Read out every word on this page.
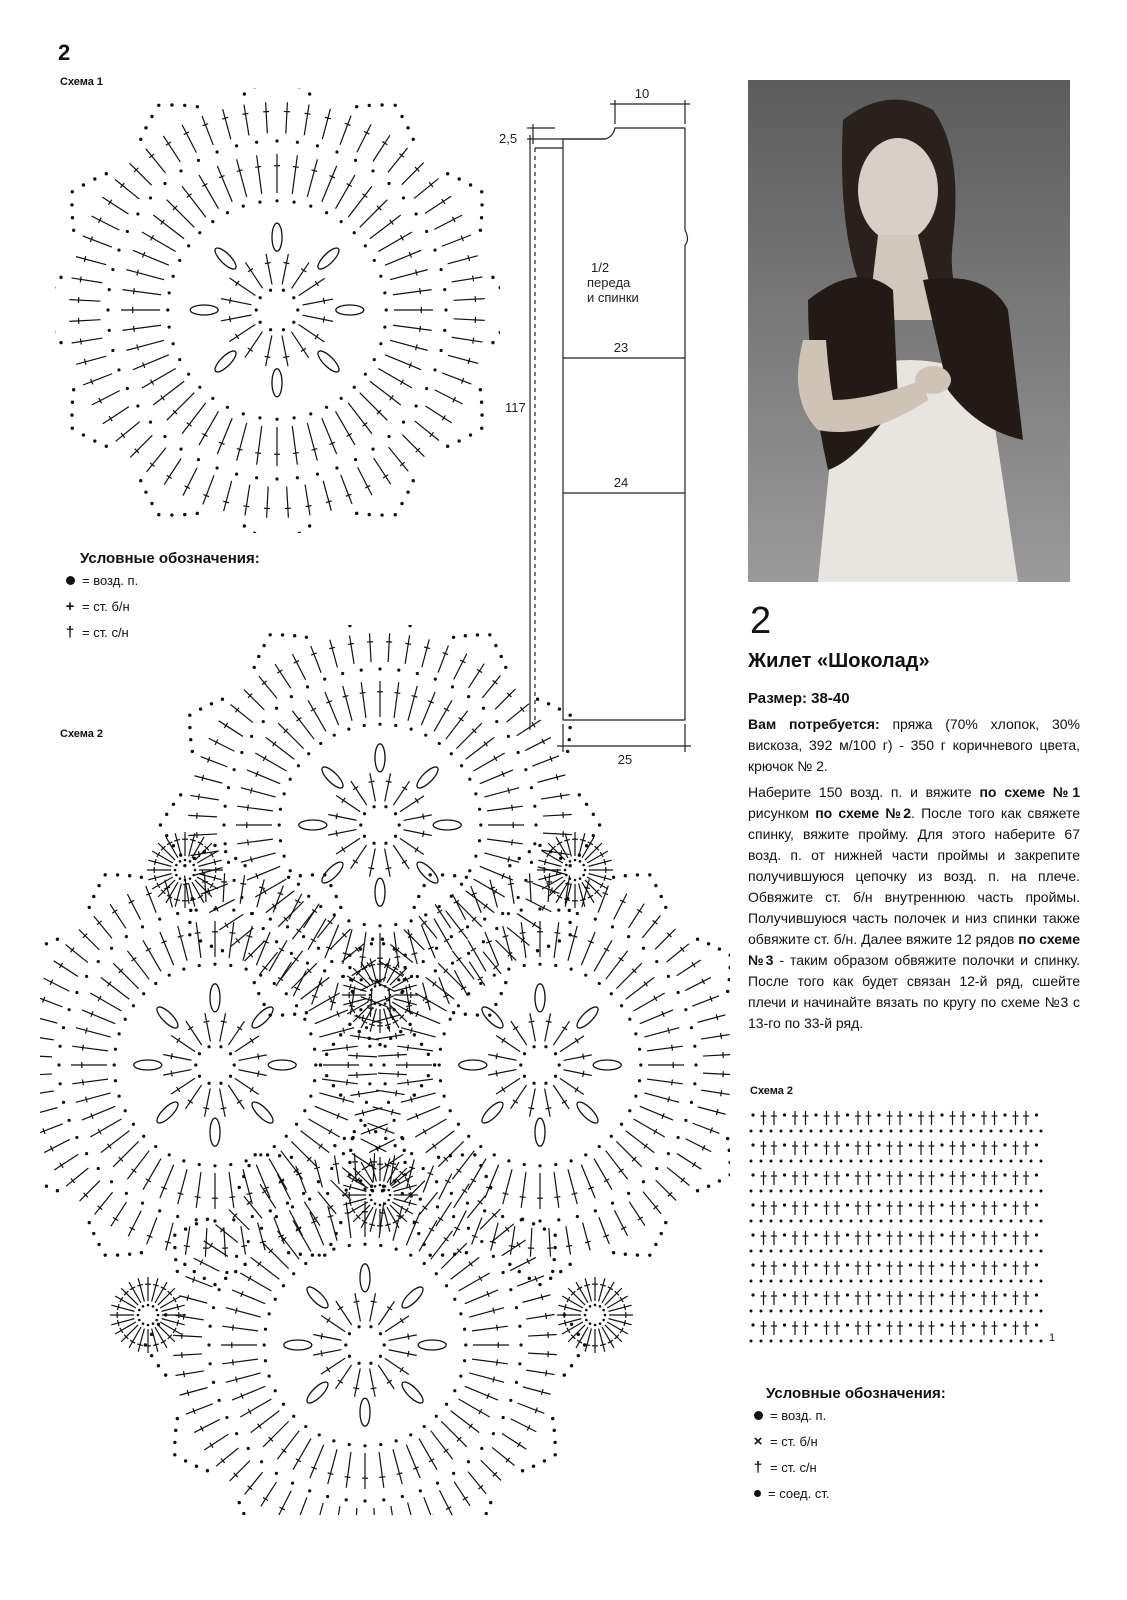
2
Схема 1
Условные обозначения:
= возд. п.
+ = ст. б/н
† = ст. с/н
10
2,5
1/2
переда
и спинки
23
117
24
25
2
Жилет «Шоколад»
Размер: 38-40
Вам потребуется: пряжа (70% хлопок, 30% вискоза, 392 м/100 г) - 350 г коричневого цвета, крючок № 2.
Наберите 150 возд. п. и вяжите по схеме №1 рисунком по схеме №2. После того как свяжете спинку, вяжите пройму. Для этого наберите 67 возд. п. от нижней части проймы и закрепите получившуюся цепочку из возд. п. на плече. Обвяжите ст. б/н внутреннюю часть проймы. Получившуюся часть полочек и низ спинки также обвяжите ст. б/н. Далее вяжите 12 рядов по схеме №3 - таким образом обвяжите полочки и спинку. После того как будет связан 12-й ряд, сшейте плечи и начинайте вязать по кругу по схеме №3 с 13-го по 33-й ряд.
Схема 2
Схема 2
1
Условные обозначения:
= возд. п.
× = ст. б/н
† = ст. с/н
= соед. ст.
